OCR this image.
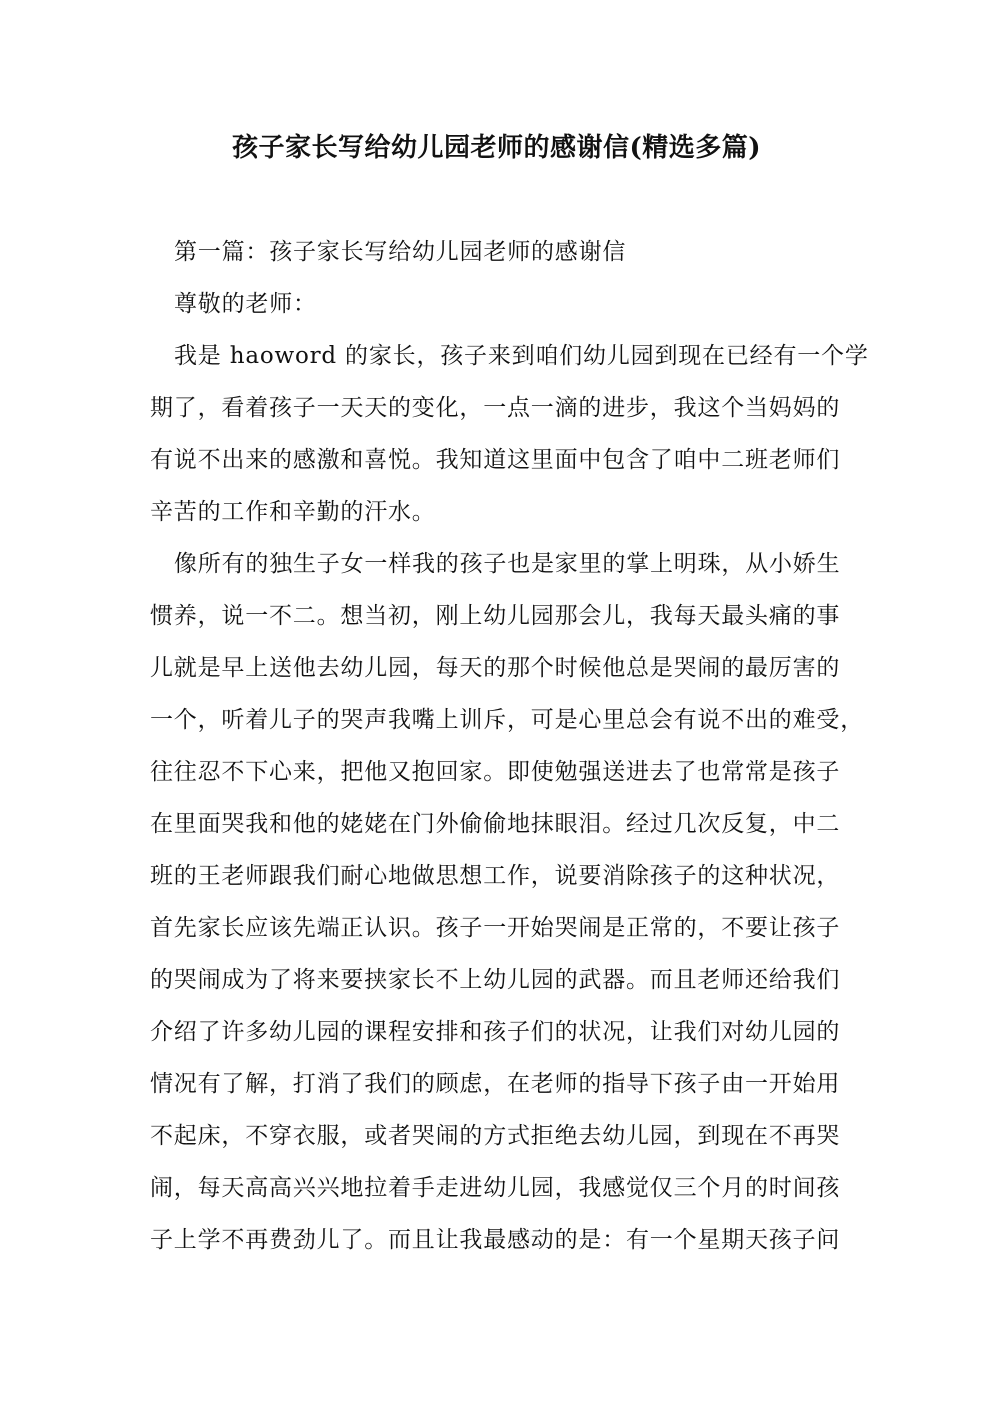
孩子家长写给幼儿园老师的感谢信(精选多篇)
第一篇：孩子家长写给幼儿园老师的感谢信
尊敬的老师：
我是 haoword 的家长，孩子来到咱们幼儿园到现在已经有一个学
期了，看着孩子一天天的变化，一点一滴的进步，我这个当妈妈的
有说不出来的感激和喜悦。我知道这里面中包含了咱中二班老师们
辛苦的工作和辛勤的汗水。
像所有的独生子女一样我的孩子也是家里的掌上明珠，从小娇生
惯养，说一不二。想当初，刚上幼儿园那会儿，我每天最头痛的事
儿就是早上送他去幼儿园，每天的那个时候他总是哭闹的最厉害的
一个，听着儿子的哭声我嘴上训斥，可是心里总会有说不出的难受，
往往忍不下心来，把他又抱回家。即使勉强送进去了也常常是孩子
在里面哭我和他的姥姥在门外偷偷地抹眼泪。经过几次反复，中二
班的王老师跟我们耐心地做思想工作，说要消除孩子的这种状况，
首先家长应该先端正认识。孩子一开始哭闹是正常的，不要让孩子
的哭闹成为了将来要挟家长不上幼儿园的武器。而且老师还给我们
介绍了许多幼儿园的课程安排和孩子们的状况，让我们对幼儿园的
情况有了解，打消了我们的顾虑，在老师的指导下孩子由一开始用
不起床，不穿衣服，或者哭闹的方式拒绝去幼儿园，到现在不再哭
闹，每天高高兴兴地拉着手走进幼儿园，我感觉仅三个月的时间孩
子上学不再费劲儿了。而且让我最感动的是：有一个星期天孩子问
